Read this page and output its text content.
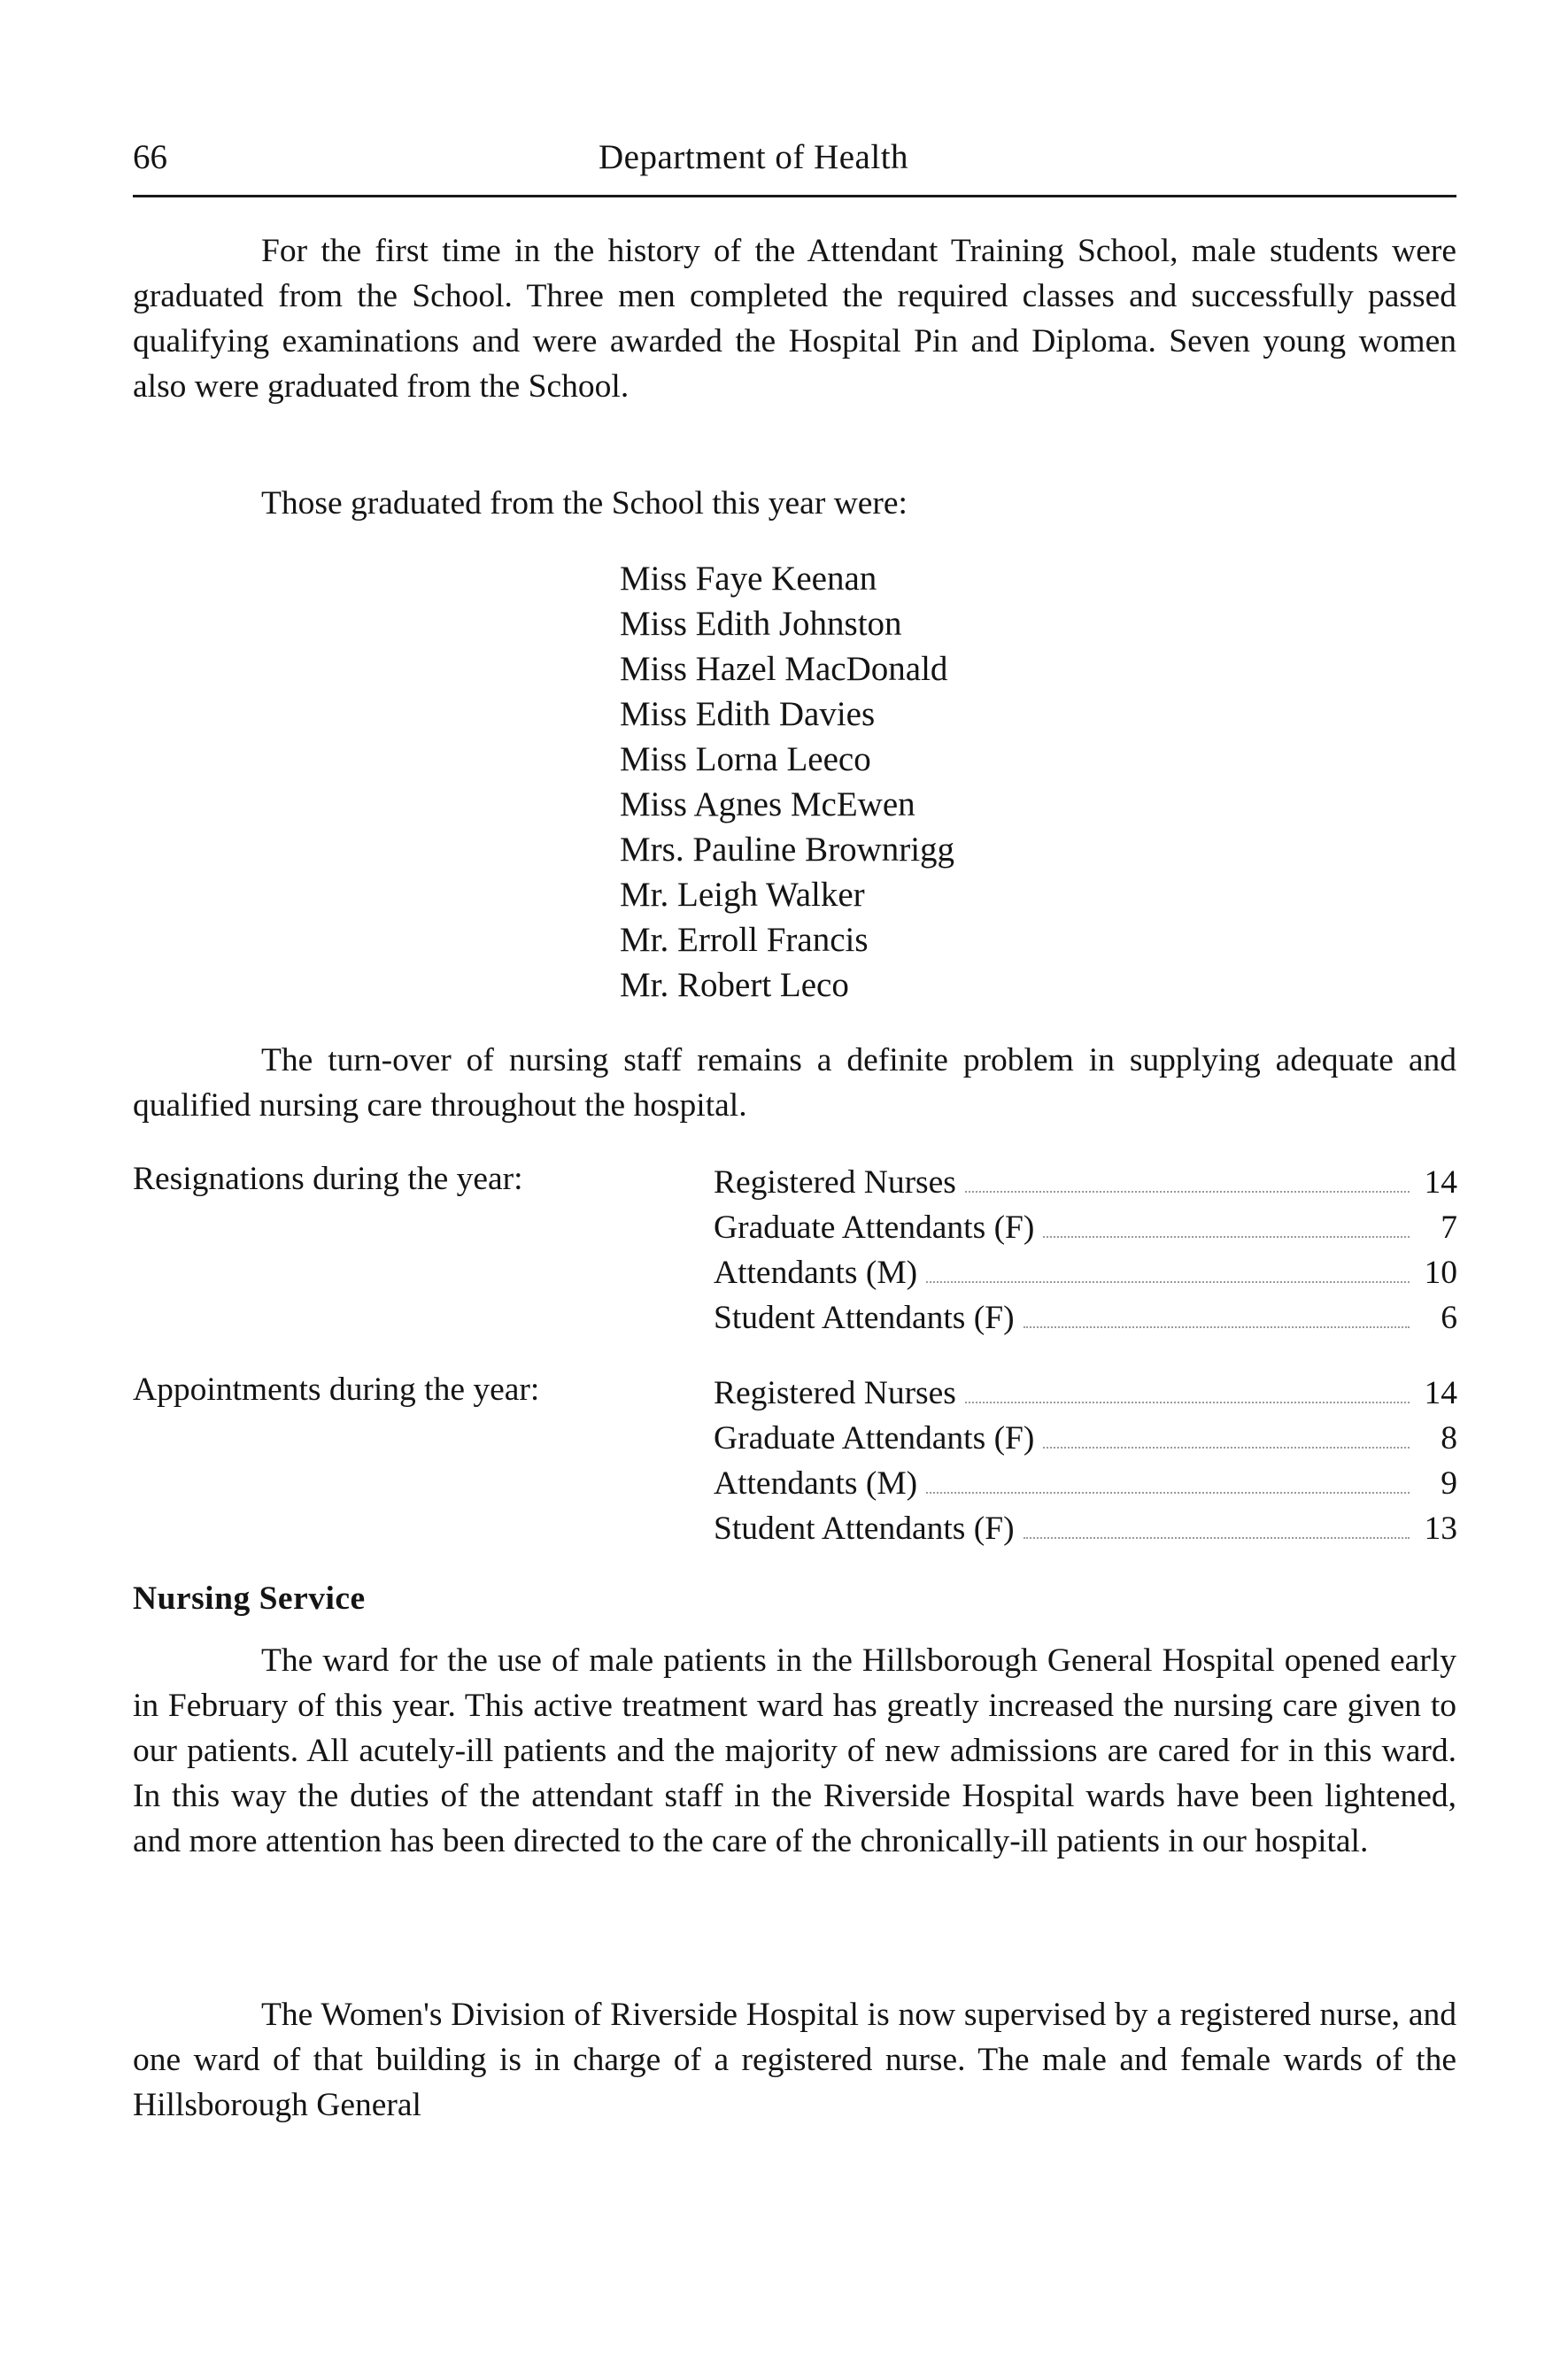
66	Department of Health

For the first time in the history of the Attendant Training School, male students were graduated from the School. Three men completed the required classes and successfully passed qualifying examinations and were awarded the Hospital Pin and Diploma. Seven young women also were graduated from the School.

Those graduated from the School this year were:

Miss Faye Keenan
Miss Edith Johnston
Miss Hazel MacDonald
Miss Edith Davies
Miss Lorna Leeco
Miss Agnes McEwen
Mrs. Pauline Brownrigg
Mr. Leigh Walker
Mr. Erroll Francis
Mr. Robert Leco

The turn-over of nursing staff remains a definite problem in supplying adequate and qualified nursing care throughout the hospital.

Resignations during the year:	Registered Nurses	14
Graduate Attendants (F)	7
Attendants (M)	10
Student Attendants (F)	6
Appointments during the year:	Registered Nurses	14
Graduate Attendants (F)	8
Attendants (M)	9
Student Attendants (F)	13
Nursing Service

The ward for the use of male patients in the Hillsborough General Hospital opened early in February of this year. This active treatment ward has greatly increased the nursing care given to our patients. All acutely-ill patients and the majority of new admissions are cared for in this ward. In this way the duties of the attendant staff in the Riverside Hospital wards have been lightened, and more attention has been directed to the care of the chronically-ill patients in our hospital.

The Women's Division of Riverside Hospital is now supervised by a registered nurse, and one ward of that building is in charge of a registered nurse. The male and female wards of the Hillsborough General
